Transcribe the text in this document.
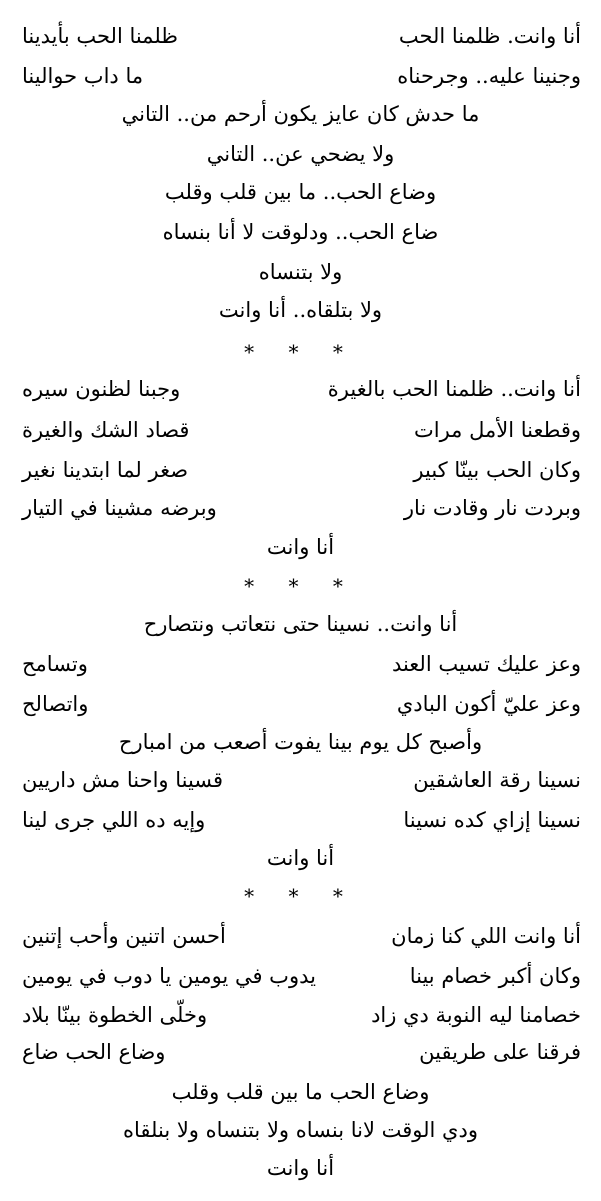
أنا وانت. ظلمنا الحب
ظلمنا الحب بأيدينا
وجنينا عليه.. وجرحناه
ما داب حوالينا
ما حدش كان عايز يكون أرحم من.. التاني
ولا يضحي عن.. التاني
وضاع الحب.. ما بين قلب وقلب
ضاع الحب.. ودلوقت لا أنا بنساه
ولا بتنساه
ولا بتلقاه.. أنا وانت
* * *
أنا وانت.. ظلمنا الحب بالغيرة
وجبنا لظنون سيره
وقطعنا الأمل مرات
قصاد الشك والغيرة
وكان الحب بينّا كبير
صغر لما ابتدينا نغير
وبردت نار وقادت نار
وبرضه مشينا في التيار
أنا وانت
* * *
أنا وانت.. نسينا حتى نتعاتب ونتصارح
وعز عليك تسيب العند
وتسامح
وعز عليّ أكون البادي
واتصالح
وأصبح كل يوم بينا يفوت أصعب من امبارح
نسينا رقة العاشقين
قسينا واحنا مش داريين
نسينا إزاي كده نسينا
وإيه ده اللي جرى لينا
أنا وانت
* * *
أنا وانت اللي كنا زمان
أحسن اتنين وأحب إتنين
وكان أكبر خصام بينا
يدوب في يومين يا دوب في يومين
خصامنا ليه النوبة دي زاد
وخلّى الخطوة بينّا بلاد
فرقنا على طريقين
وضاع الحب ضاع
وضاع الحب ما بين قلب وقلب
ودي الوقت لانا بنساه ولا بتنساه ولا بنلقاه
أنا وانت
